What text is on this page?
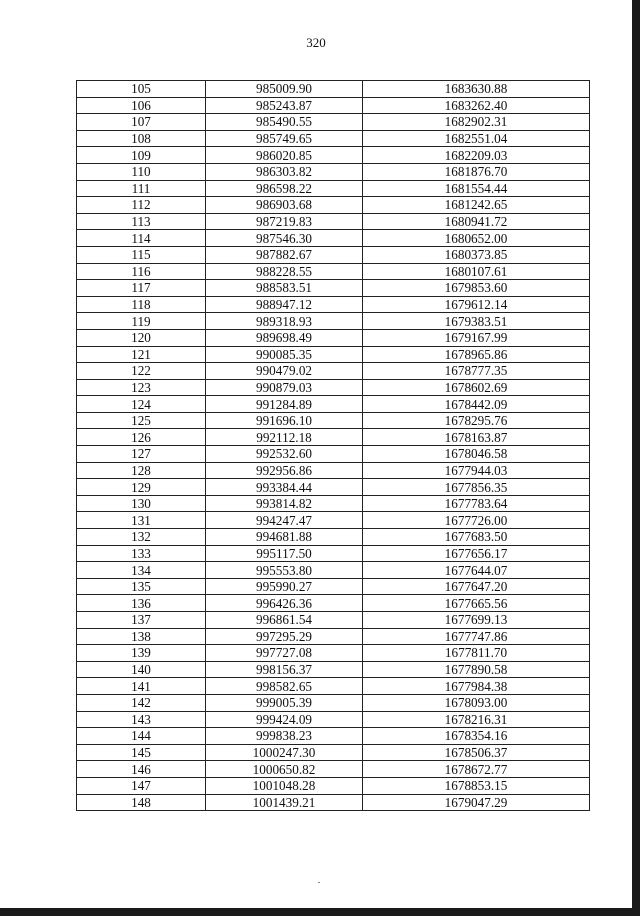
320
105	985009.90	1683630.88
106	985243.87	1683262.40
107	985490.55	1682902.31
108	985749.65	1682551.04
109	986020.85	1682209.03
110	986303.82	1681876.70
111	986598.22	1681554.44
112	986903.68	1681242.65
113	987219.83	1680941.72
114	987546.30	1680652.00
115	987882.67	1680373.85
116	988228.55	1680107.61
117	988583.51	1679853.60
118	988947.12	1679612.14
119	989318.93	1679383.51
120	989698.49	1679167.99
121	990085.35	1678965.86
122	990479.02	1678777.35
123	990879.03	1678602.69
124	991284.89	1678442.09
125	991696.10	1678295.76
126	992112.18	1678163.87
127	992532.60	1678046.58
128	992956.86	1677944.03
129	993384.44	1677856.35
130	993814.82	1677783.64
131	994247.47	1677726.00
132	994681.88	1677683.50
133	995117.50	1677656.17
134	995553.80	1677644.07
135	995990.27	1677647.20
136	996426.36	1677665.56
137	996861.54	1677699.13
138	997295.29	1677747.86
139	997727.08	1677811.70
140	998156.37	1677890.58
141	998582.65	1677984.38
142	999005.39	1678093.00
143	999424.09	1678216.31
144	999838.23	1678354.16
145	1000247.30	1678506.37
146	1000650.82	1678672.77
147	1001048.28	1678853.15
148	1001439.21	1679047.29
